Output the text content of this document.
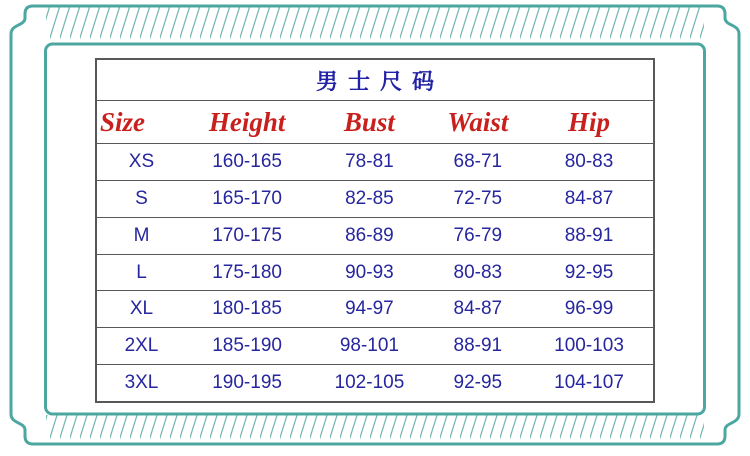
男士尺码
Size	Height	Bust	Waist	Hip
XS	160-165	78-81	68-71	80-83
S	165-170	82-85	72-75	84-87
M	170-175	86-89	76-79	88-91
L	175-180	90-93	80-83	92-95
XL	180-185	94-97	84-87	96-99
2XL	185-190	98-101	88-91	100-103
3XL	190-195	102-105	92-95	104-107
